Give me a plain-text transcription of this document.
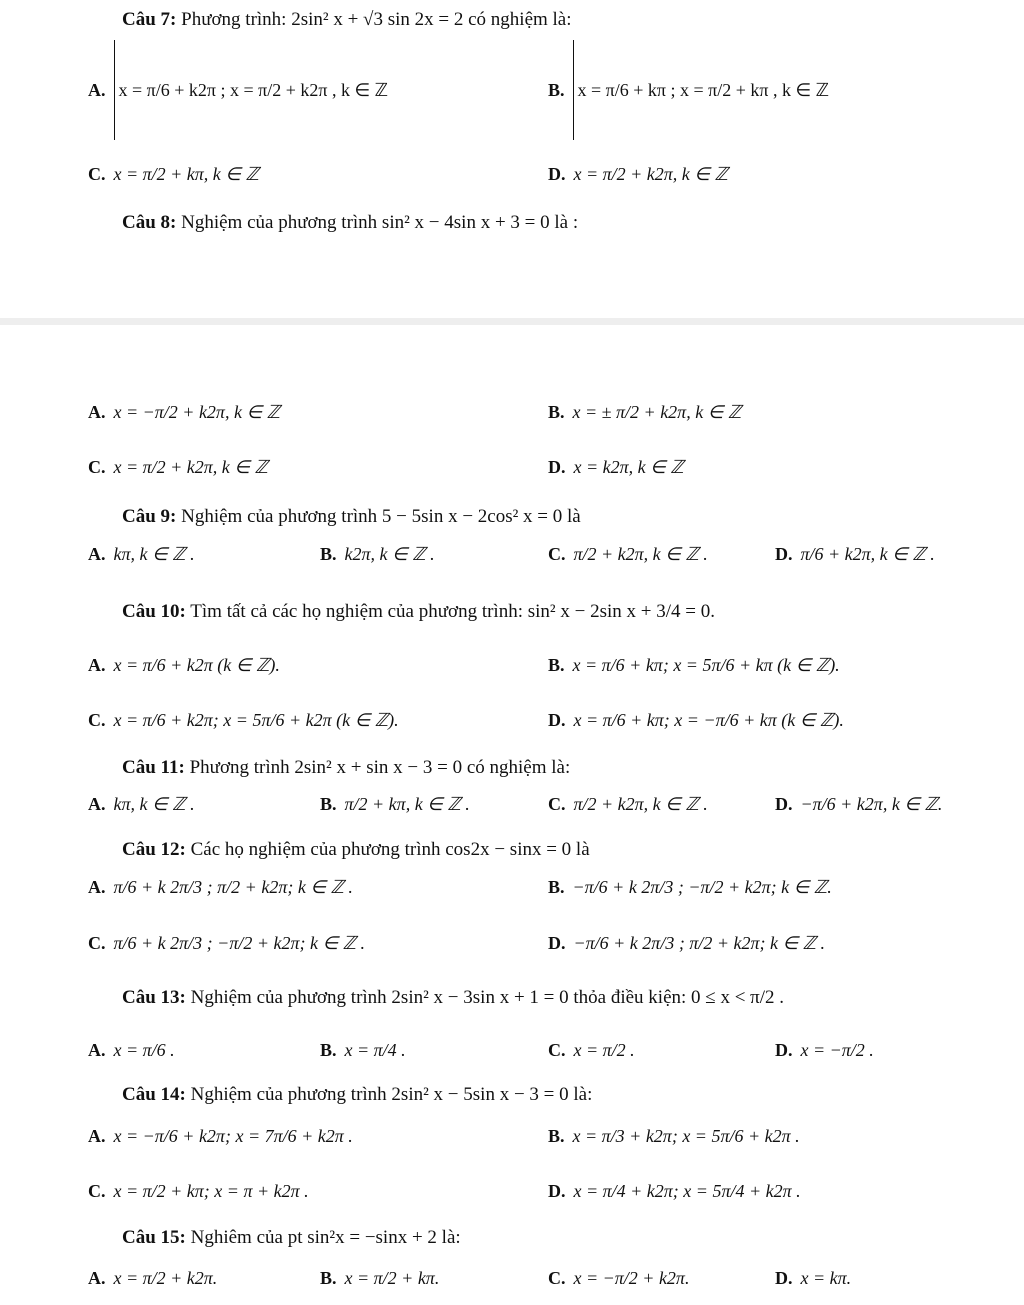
Câu 7: Phương trình: 2sin² x + √3 sin 2x = 2 có nghiệm là:
A. x = π/6 + k2π ; x = π/2 + k2π , k ∈ ℤ	B. x = π/6 + kπ ; x = π/2 + kπ , k ∈ ℤ
C. x = π/2 + kπ, k ∈ ℤ	D. x = π/2 + k2π, k ∈ ℤ
Câu 8: Nghiệm của phương trình sin² x − 4sin x + 3 = 0 là :
A. x = −π/2 + k2π, k ∈ ℤ	B. x = ± π/2 + k2π, k ∈ ℤ
C. x = π/2 + k2π, k ∈ ℤ	D. x = k2π, k ∈ ℤ
Câu 9: Nghiệm của phương trình 5 − 5sin x − 2cos² x = 0 là
A. kπ, k ∈ ℤ .	B. k2π, k ∈ ℤ .	C. π/2 + k2π, k ∈ ℤ .	D. π/6 + k2π, k ∈ ℤ .
Câu 10: Tìm tất cả các họ nghiệm của phương trình: sin² x − 2sin x + 3/4 = 0.
A. x = π/6 + k2π (k ∈ ℤ).	B. x = π/6 + kπ; x = 5π/6 + kπ (k ∈ ℤ).
C. x = π/6 + k2π; x = 5π/6 + k2π (k ∈ ℤ).	D. x = π/6 + kπ; x = −π/6 + kπ (k ∈ ℤ).
Câu 11: Phương trình 2sin² x + sin x − 3 = 0 có nghiệm là:
A. kπ, k ∈ ℤ .	B. π/2 + kπ, k ∈ ℤ .	C. π/2 + k2π, k ∈ ℤ .	D. −π/6 + k2π, k ∈ ℤ.
Câu 12: Các họ nghiệm của phương trình cos2x − sinx = 0 là
A. π/6 + k 2π/3 ; π/2 + k2π; k ∈ ℤ .	B. −π/6 + k 2π/3 ; −π/2 + k2π; k ∈ ℤ.
C. π/6 + k 2π/3 ; −π/2 + k2π; k ∈ ℤ .	D. −π/6 + k 2π/3 ; π/2 + k2π; k ∈ ℤ .
Câu 13: Nghiệm của phương trình 2sin² x − 3sin x + 1 = 0 thỏa điều kiện: 0 ≤ x < π/2 .
A. x = π/6 .	B. x = π/4 .	C. x = π/2 .	D. x = −π/2 .
Câu 14: Nghiệm của phương trình 2sin² x − 5sin x − 3 = 0 là:
A. x = −π/6 + k2π; x = 7π/6 + k2π .	B. x = π/3 + k2π; x = 5π/6 + k2π .
C. x = π/2 + kπ; x = π + k2π .	D. x = π/4 + k2π; x = 5π/4 + k2π .
Câu 15: Nghiêm của pt sin²x = −sinx + 2 là:
A. x = π/2 + k2π.	B. x = π/2 + kπ.	C. x = −π/2 + k2π.	D. x = kπ.
